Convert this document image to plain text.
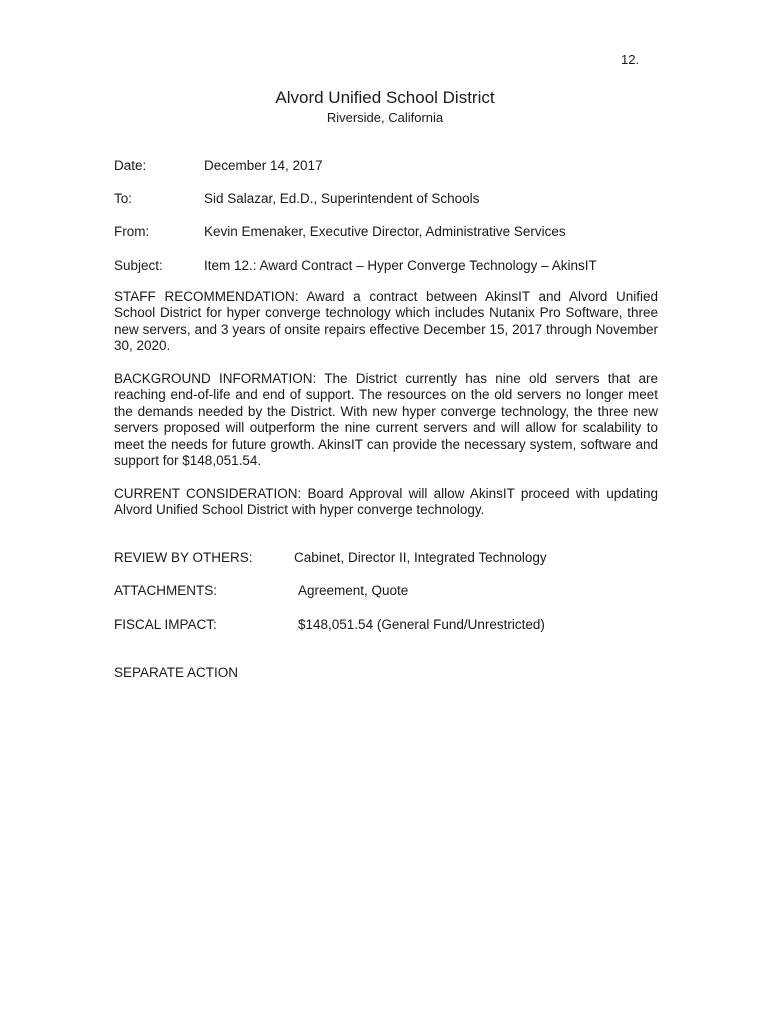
12.
Alvord Unified School District
Riverside, California
Date:	December 14, 2017
To:	Sid Salazar, Ed.D., Superintendent of Schools
From:	Kevin Emenaker, Executive Director, Administrative Services
Subject:	Item 12.: Award Contract – Hyper Converge Technology – AkinsIT
STAFF RECOMMENDATION: Award a contract between AkinsIT and Alvord Unified School District for hyper converge technology which includes Nutanix Pro Software, three new servers, and 3 years of onsite repairs effective December 15, 2017 through November 30, 2020.
BACKGROUND INFORMATION: The District currently has nine old servers that are reaching end-of-life and end of support. The resources on the old servers no longer meet the demands needed by the District. With new hyper converge technology, the three new servers proposed will outperform the nine current servers and will allow for scalability to meet the needs for future growth. AkinsIT can provide the necessary system, software and support for $148,051.54.
CURRENT CONSIDERATION: Board Approval will allow AkinsIT proceed with updating Alvord Unified School District with hyper converge technology.
REVIEW BY OTHERS:	Cabinet, Director II, Integrated Technology
ATTACHMENTS:	Agreement, Quote
FISCAL IMPACT:	$148,051.54 (General Fund/Unrestricted)
SEPARATE ACTION
